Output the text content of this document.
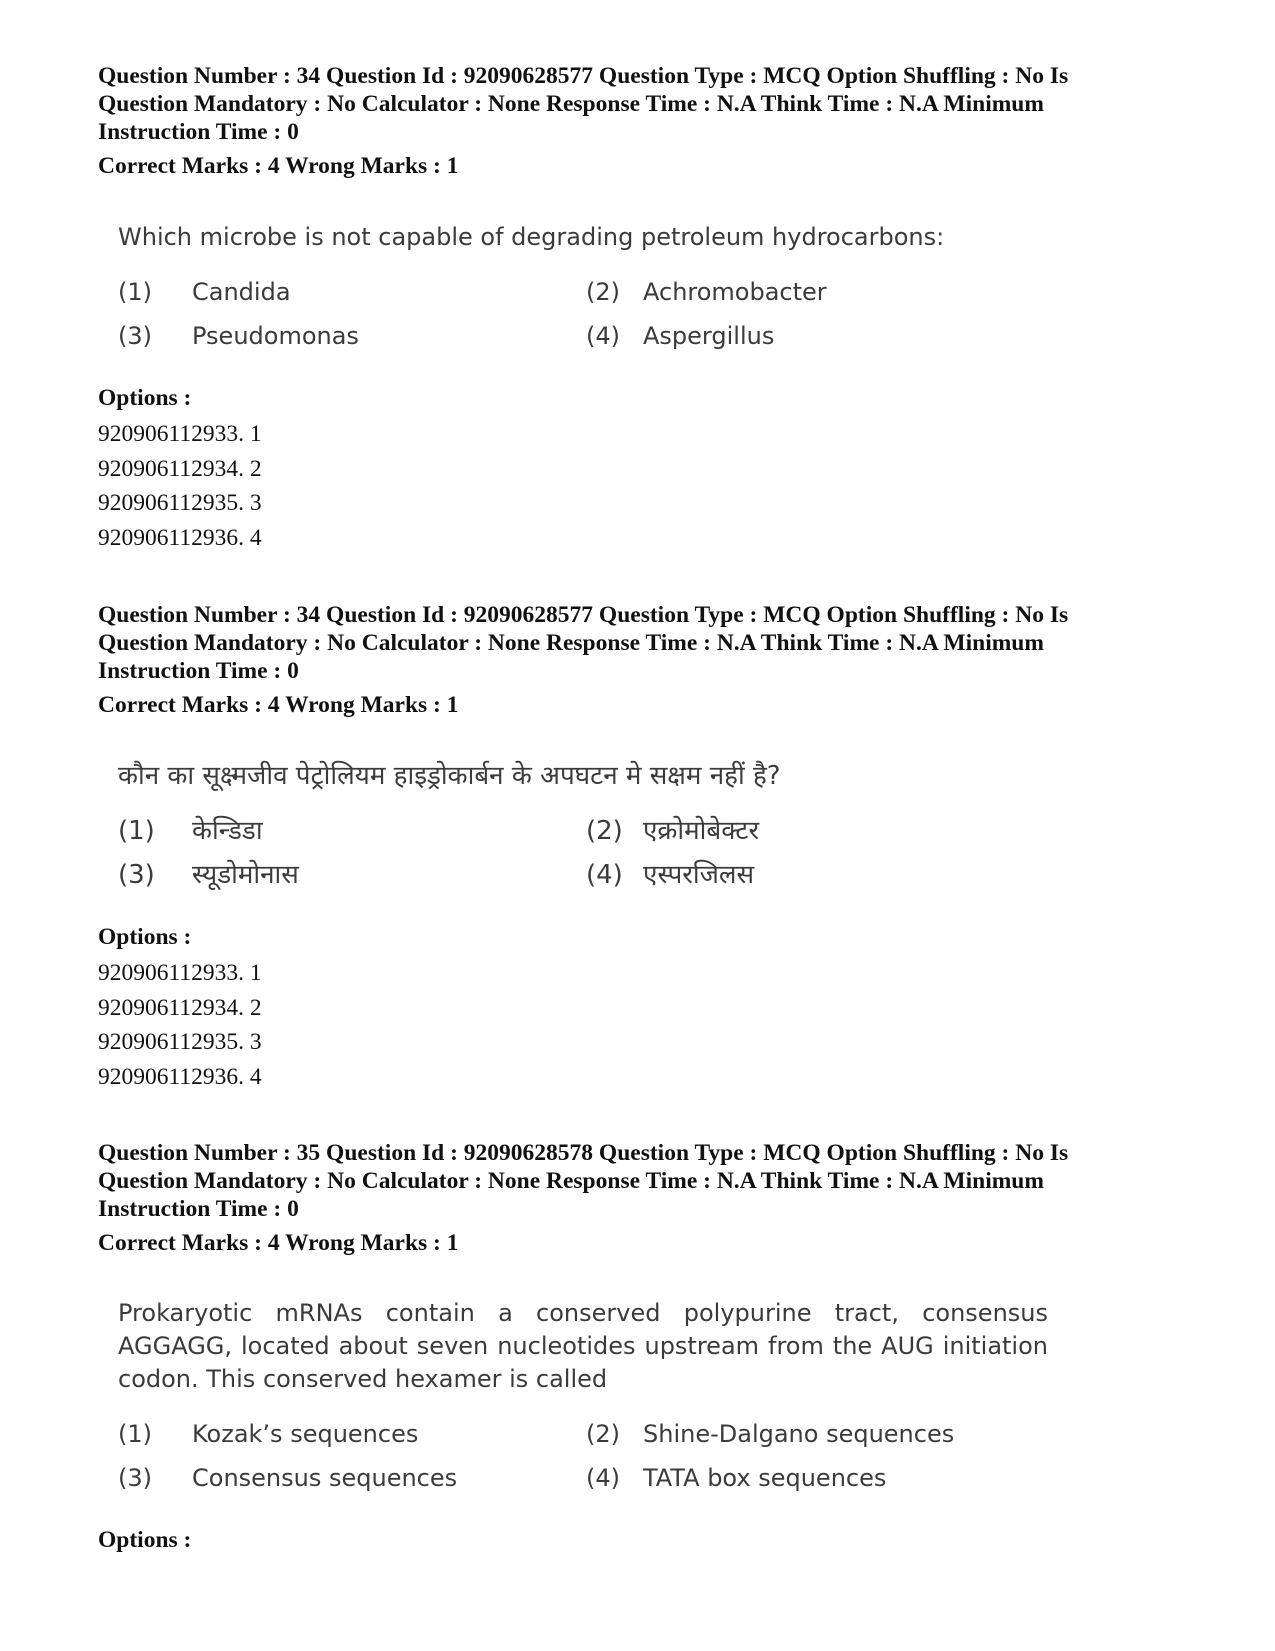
Question Number : 34 Question Id : 92090628577 Question Type : MCQ Option Shuffling : No Is
Question Mandatory : No Calculator : None Response Time : N.A Think Time : N.A Minimum
Instruction Time : 0
Correct Marks : 4 Wrong Marks : 1
Which microbe is not capable of degrading petroleum hydrocarbons:
(1)	Candida	(2) Achromobacter
(3)	Pseudomonas	(4) Aspergillus
Options :
920906112933. 1
920906112934. 2
920906112935. 3
920906112936. 4
Question Number : 34 Question Id : 92090628577 Question Type : MCQ Option Shuffling : No Is
Question Mandatory : No Calculator : None Response Time : N.A Think Time : N.A Minimum
Instruction Time : 0
Correct Marks : 4 Wrong Marks : 1
कौन का सूक्ष्मजीव पेट्रोलियम हाइड्रोकार्बन के अपघटन मे सक्षम नहीं है?
(1)	केन्डिडा	(2) एक्रोमोबेक्टर
(3)	स्यूडोमोनास	(4) एस्परजिलस
Options :
920906112933. 1
920906112934. 2
920906112935. 3
920906112936. 4
Question Number : 35 Question Id : 92090628578 Question Type : MCQ Option Shuffling : No Is
Question Mandatory : No Calculator : None Response Time : N.A Think Time : N.A Minimum
Instruction Time : 0
Correct Marks : 4 Wrong Marks : 1
Prokaryotic mRNAs contain a conserved polypurine tract, consensus AGGAGG, located about seven nucleotides upstream from the AUG initiation codon. This conserved hexamer is called
(1)	Kozak’s sequences	(2) Shine-Dalgano sequences
(3)	Consensus sequences	(4) TATA box sequences
Options :
